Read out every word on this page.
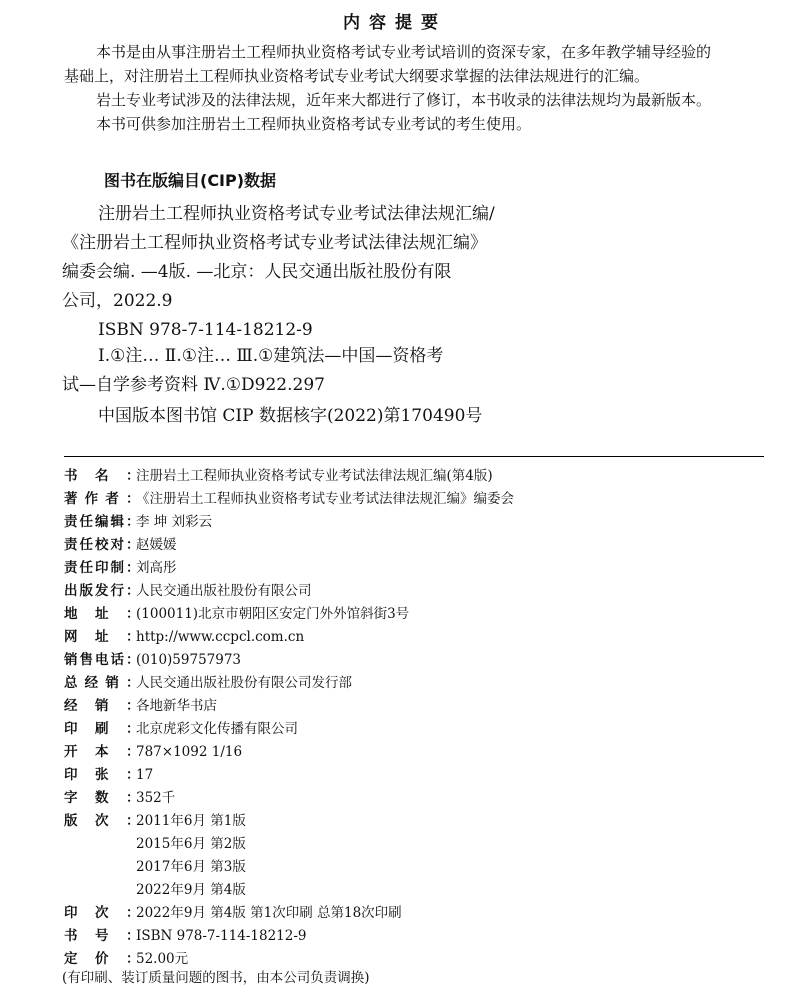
内容提要
本书是由从事注册岩土工程师执业资格考试专业考试培训的资深专家，在多年教学辅导经验的
基础上，对注册岩土工程师执业资格考试专业考试大纲要求掌握的法律法规进行的汇编。
岩土专业考试涉及的法律法规，近年来大都进行了修订，本书收录的法律法规均为最新版本。
本书可供参加注册岩土工程师执业资格考试专业考试的考生使用。
图书在版编目(CIP)数据
注册岩土工程师执业资格考试专业考试法律法规汇编/
《注册岩土工程师执业资格考试专业考试法律法规汇编》
编委会编. —4版. —北京：人民交通出版社股份有限
公司，2022.9
ISBN 978-7-114-18212-9
Ⅰ.①注… Ⅱ.①注… Ⅲ.①建筑法—中国—资格考
试—自学参考资料 Ⅳ.①D922.297
中国版本图书馆 CIP 数据核字(2022)第170490号
书 名 ：
注册岩土工程师执业资格考试专业考试法律法规汇编(第4版)
著 作 者 ：
《注册岩土工程师执业资格考试专业考试法律法规汇编》编委会
责 任 编 辑 ：
李 坤 刘彩云
责 任 校 对 ：
赵媛媛
责 任 印 制 ：
刘高彤
出 版 发 行 ：
人民交通出版社股份有限公司
地 址 ：
(100011)北京市朝阳区安定门外外馆斜街3号
网 址 ：
http://www.ccpcl.com.cn
销 售 电 话 ：
(010)59757973
总 经 销 ：
人民交通出版社股份有限公司发行部
经 销 ：
各地新华书店
印 刷 ：
北京虎彩文化传播有限公司
开 本 ：
787×1092 1/16
印 张 ：
17
字 数 ：
352千
版 次 ：
2011年6月 第1版
2015年6月 第2版
2017年6月 第3版
2022年9月 第4版
印 次 ：
2022年9月 第4版 第1次印刷 总第18次印刷
书 号 ：
ISBN 978-7-114-18212-9
定 价 ：
52.00元
(有印刷、装订质量问题的图书，由本公司负责调换)
